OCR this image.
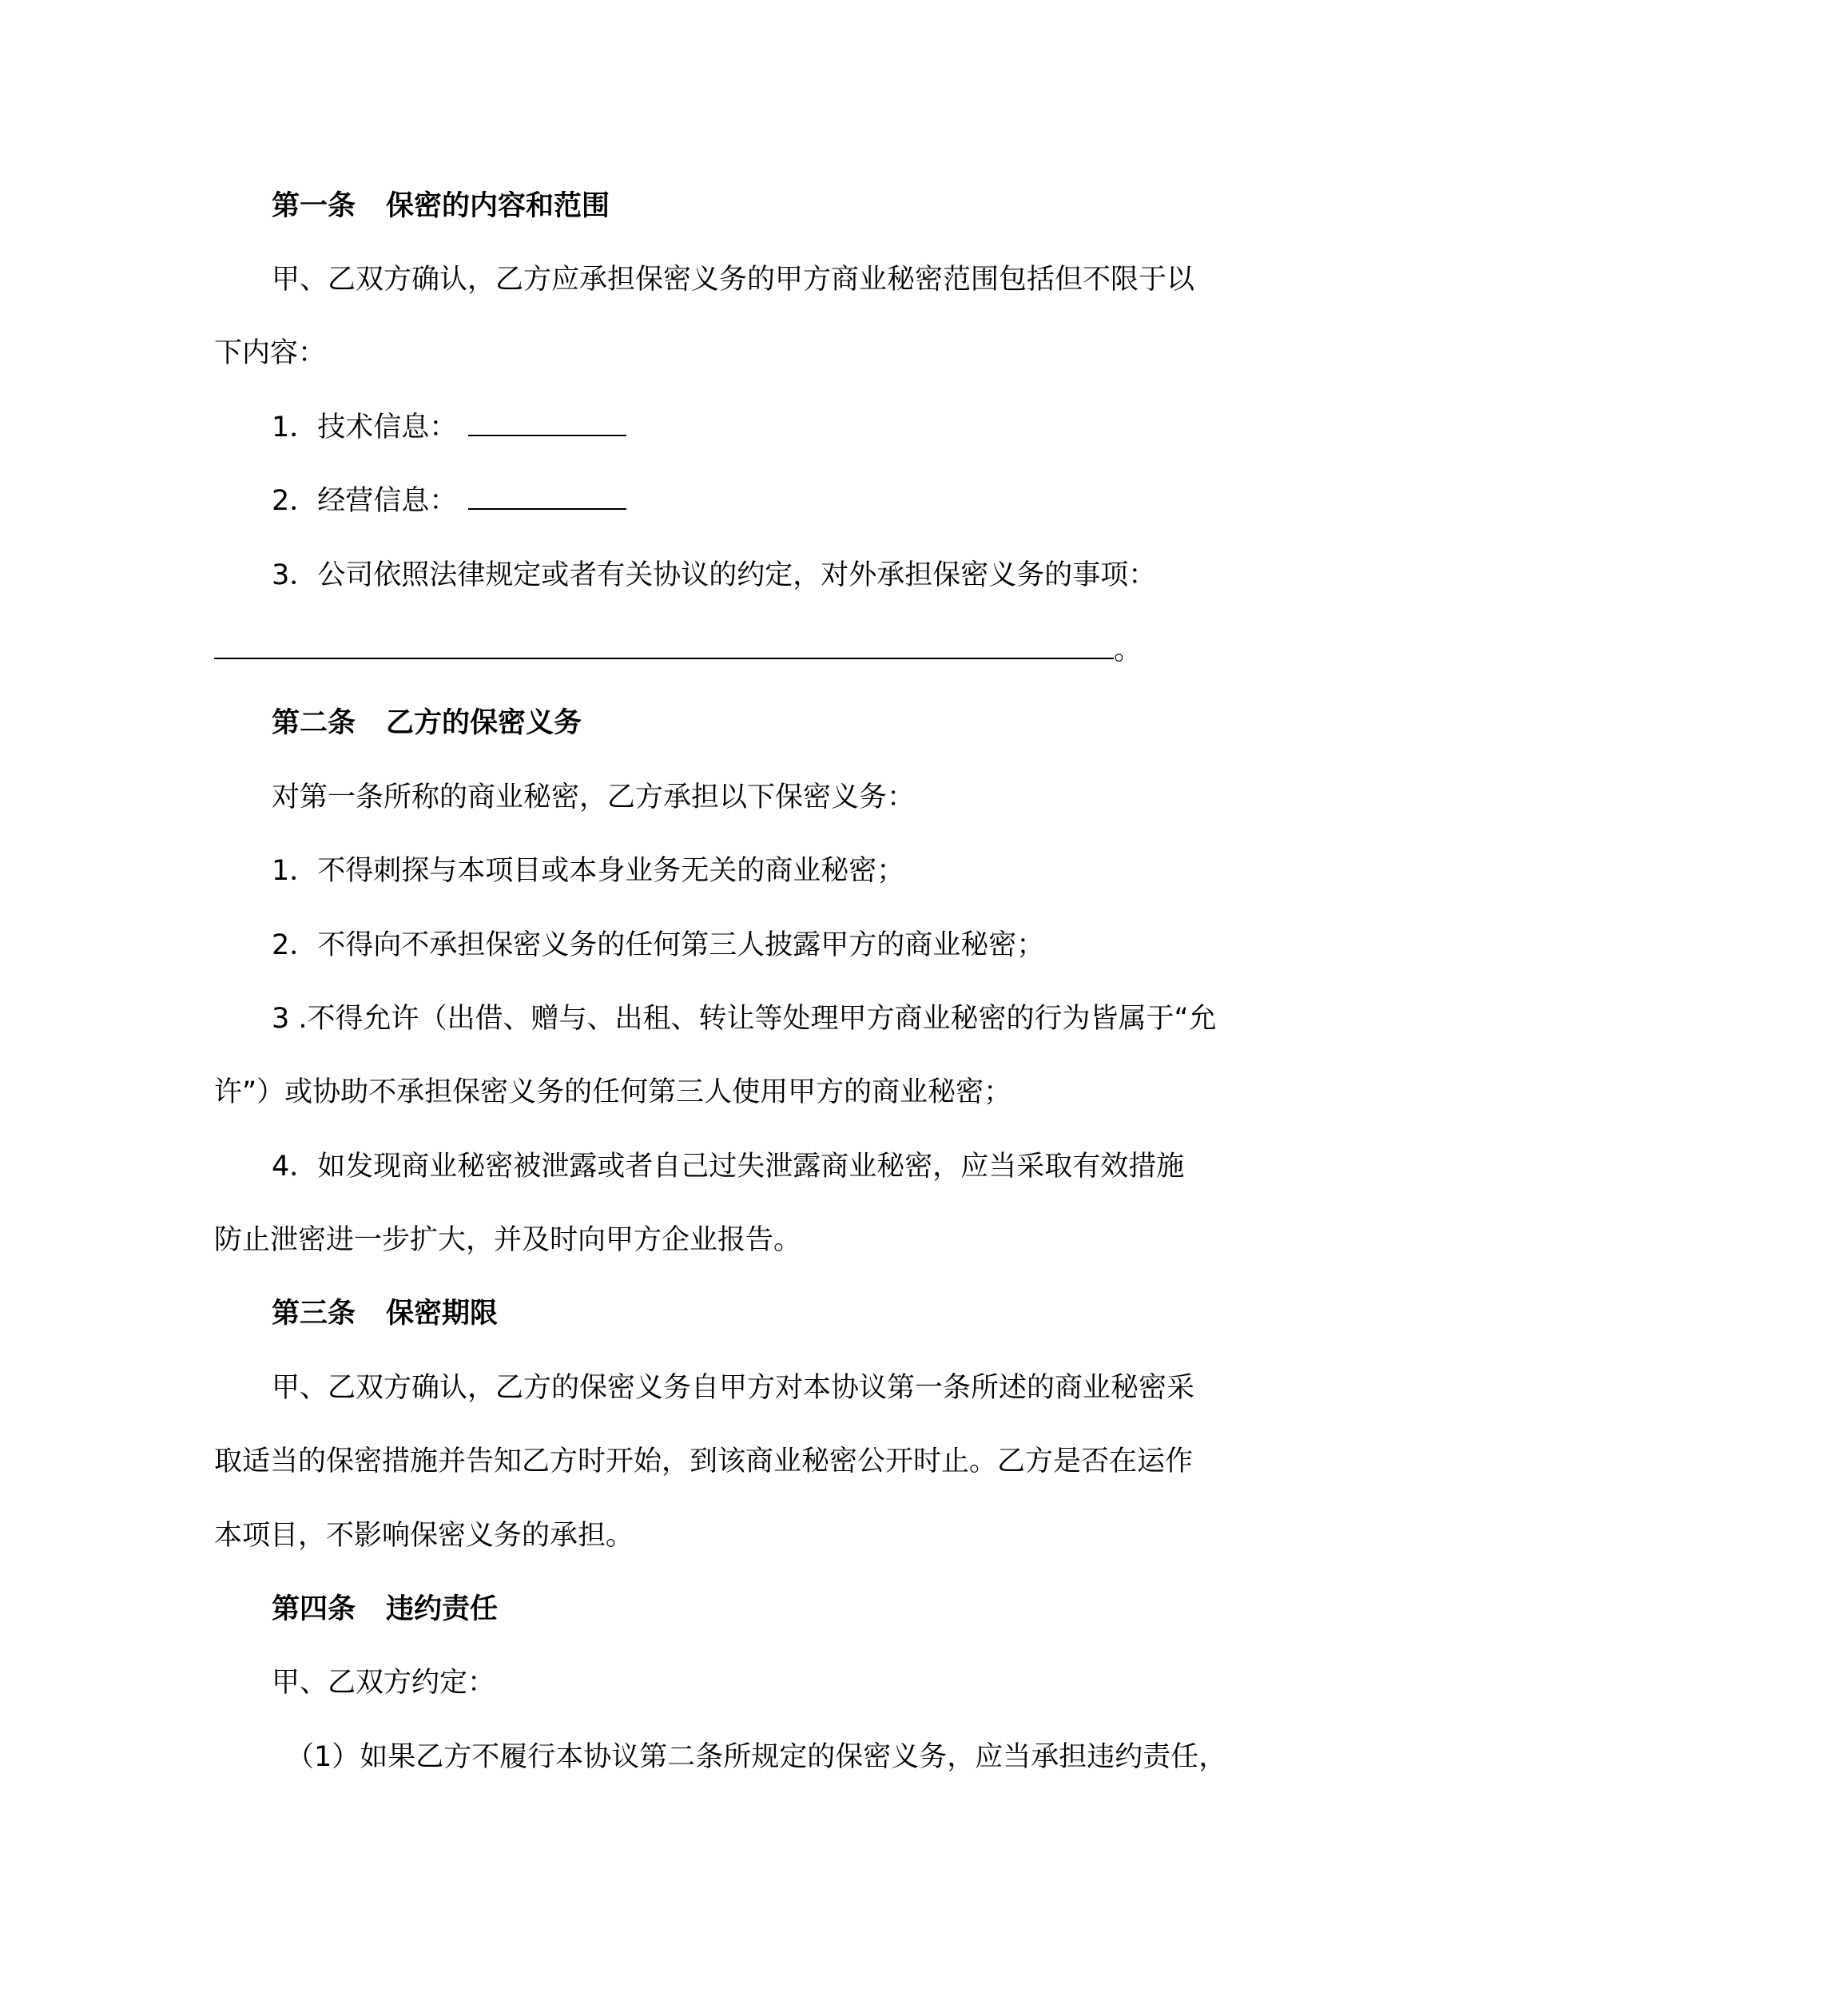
第一条 保密的内容和范围
甲、乙双方确认，乙方应承担保密义务的甲方商业秘密范围包括但不限于以
下内容：
1．技术信息：
2．经营信息：
3．公司依照法律规定或者有关协议的约定，对外承担保密义务的事项：
。
第二条 乙方的保密义务
对第一条所称的商业秘密，乙方承担以下保密义务：
1．不得刺探与本项目或本身业务无关的商业秘密；
2．不得向不承担保密义务的任何第三人披露甲方的商业秘密；
3 .不得允许（出借、赠与、出租、转让等处理甲方商业秘密的行为皆属于“允
许”）或协助不承担保密义务的任何第三人使用甲方的商业秘密；
4．如发现商业秘密被泄露或者自己过失泄露商业秘密，应当采取有效措施
防止泄密进一步扩大，并及时向甲方企业报告。
第三条 保密期限
甲、乙双方确认，乙方的保密义务自甲方对本协议第一条所述的商业秘密采
取适当的保密措施并告知乙方时开始，到该商业秘密公开时止。乙方是否在运作
本项目，不影响保密义务的承担。
第四条 违约责任
甲、乙双方约定：
（1）如果乙方不履行本协议第二条所规定的保密义务，应当承担违约责任，
